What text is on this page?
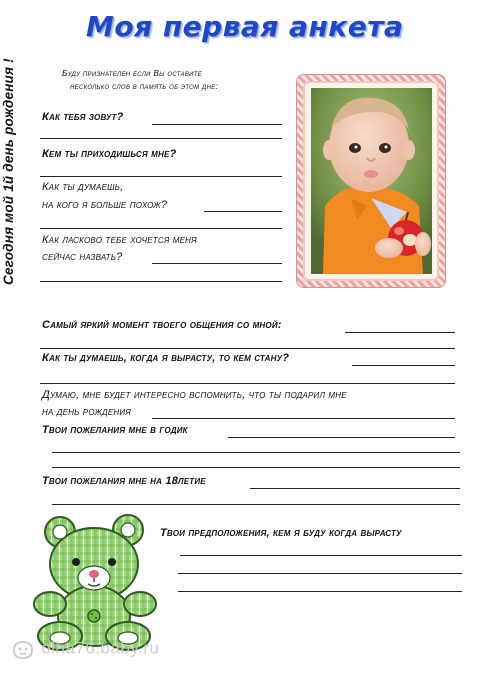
Сегодня мой 1й день рождения !
Моя первая анкета
Буду признателен если Вы оставите
несколько слов в память об этом дне:
Как тебя зовут?
Кем ты приходишься мне?
Как ты думаешь,
на кого я больше похож?
Как ласково тебе хочется меня
сейчас назвать?
Самый яркий момент твоего общения со мной:
Как ты думаешь, когда я вырасту, то кем стану?
Думаю, мне будет интересно вспомнить, что ты подарил мне
на день рождения
Твои пожелания мне в годик
Твои пожелания мне на 18летие
Твои предположения, кем я буду когда вырасту
olha76.baby.ru
